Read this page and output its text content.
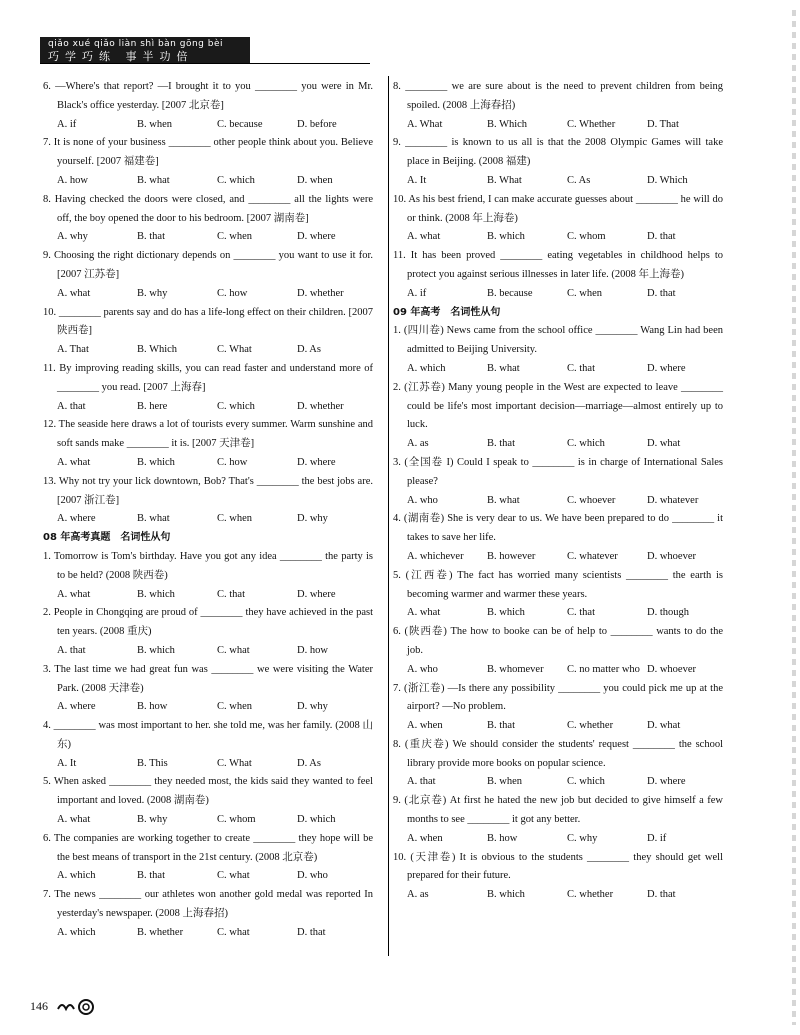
qiǎo xué qiǎo liàn shì bàn gōng bèi
巧学巧练 事半功倍
6. —Where's that report? —I brought it to you ________ you were in Mr. Black's office yesterday. [2007 北京卷]
A. if	B. when	C. because	D. before
7. It is none of your business ________ other people think about you. Believe yourself. [2007 福建卷]
A. how	B. what	C. which	D. when
8. Having checked the doors were closed, and ________ all the lights were off, the boy opened the door to his bedroom. [2007 湖南卷]
A. why	B. that	C. when	D. where
9. Choosing the right dictionary depends on ________ you want to use it for. [2007 江苏卷]
A. what	B. why	C. how	D. whether
10. ________ parents say and do has a life-long effect on their children. [2007 陕西卷]
A. That	B. Which	C. What	D. As
11. By improving reading skills, you can read faster and understand more of ________ you read. [2007 上海春]
A. that	B. here	C. which	D. whether
12. The seaside here draws a lot of tourists every summer. Warm sunshine and soft sands make ________ it is. [2007 天津卷]
A. what	B. which	C. how	D. where
13. Why not try your lick downtown, Bob? That's ________ the best jobs are. [2007 浙江卷]
A. where	B. what	C. when	D. why
08 年高考真题　名词性从句
1. Tomorrow is Tom's birthday. Have you got any idea ________ the party is to be held? (2008 陕西卷)
A. what	B. which	C. that	D. where
2. People in Chongqing are proud of ________ they have achieved in the past ten years. (2008 重庆)
A. that	B. which	C. what	D. how
3. The last time we had great fun was ________ we were visiting the Water Park. (2008 天津卷)
A. where	B. how	C. when	D. why
4. ________ was most important to her. she told me, was her family. (2008 山东)
A. It	B. This	C. What	D. As
5. When asked ________ they needed most, the kids said they wanted to feel important and loved. (2008 湖南卷)
A. what	B. why	C. whom	D. which
6. The companies are working together to create ________ they hope will be the best means of transport in the 21st century. (2008 北京卷)
A. which	B. that	C. what	D. who
7. The news ________ our athletes won another gold medal was reported In yesterday's newspaper. (2008 上海春招)
A. which	B. whether	C. what	D. that
8. ________ we are sure about is the need to prevent children from being spoiled. (2008 上海春招)
A. What	B. Which	C. Whether	D. That
9. ________ is known to us all is that the 2008 Olympic Games will take place in Beijing. (2008 福建)
A. It	B. What	C. As	D. Which
10. As his best friend, I can make accurate guesses about ________ he will do or think. (2008 年上海卷)
A. what	B. which	C. whom	D. that
11. It has been proved ________ eating vegetables in childhood helps to protect you against serious illnesses in later life. (2008 年上海卷)
A. if	B. because	C. when	D. that
09 年高考　名词性从句
1. (四川卷) News came from the school office ________ Wang Lin had been admitted to Beijing University.
A. which	B. what	C. that	D. where
2. (江苏卷) Many young people in the West are expected to leave ________ could be life's most important decision—marriage—almost entirely up to luck.
A. as	B. that	C. which	D. what
3. (全国卷 I) Could I speak to ________ is in charge of International Sales please?
A. who	B. what	C. whoever	D. whatever
4. (湖南卷) She is very dear to us. We have been prepared to do ________ it takes to save her life.
A. whichever	B. however	C. whatever	D. whoever
5. (江西卷) The fact has worried many scientists ________ the earth is becoming warmer and warmer these years.
A. what	B. which	C. that	D. though
6. (陕西卷) The how to booke can be of help to ________ wants to do the job.
A. who	B. whomever	C. no matter who D. whoever
7. (浙江卷) —Is there any possibility ________ you could pick me up at the airport? —No problem.
A. when	B. that	C. whether	D. what
8. (重庆卷) We should consider the students' request ________ the school library provide more books on popular science.
A. that	B. when	C. which	D. where
9. (北京卷) At first he hated the new job but decided to give himself a few months to see ________ it got any better.
A. when	B. how	C. why	D. if
10. (天津卷) It is obvious to the students ________ they should get well prepared for their future.
A. as	B. which	C. whether	D. that
146
